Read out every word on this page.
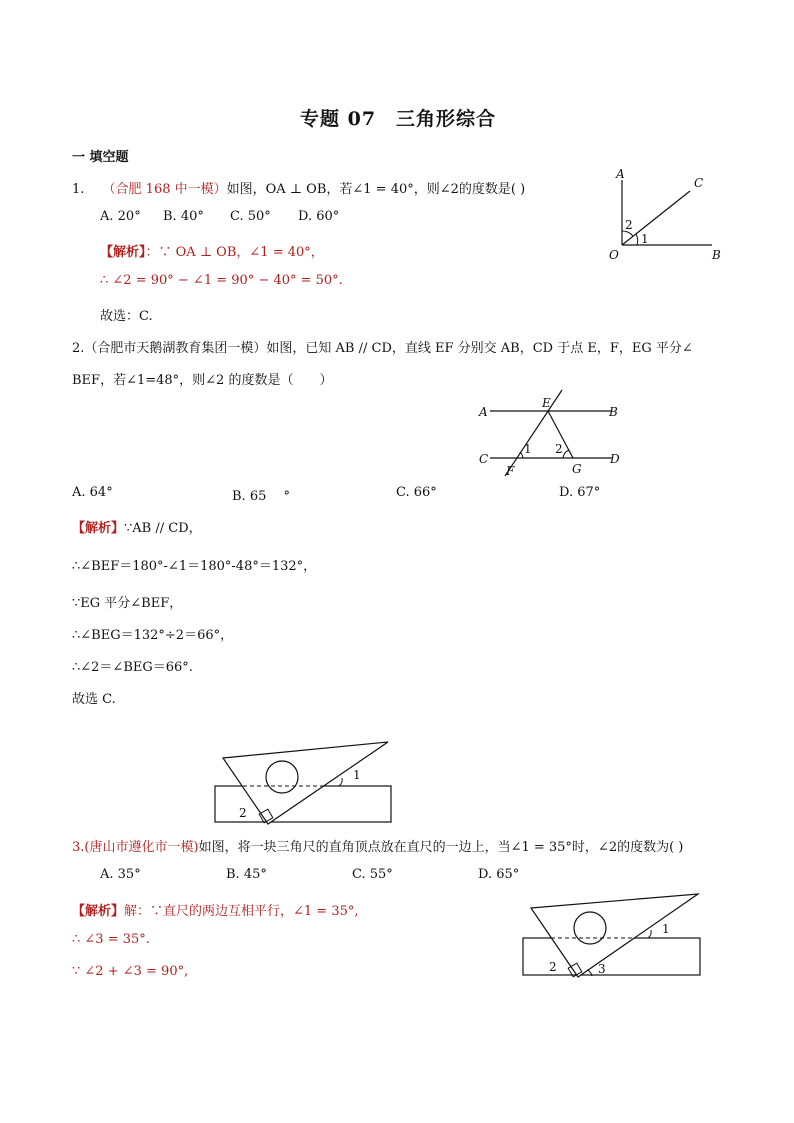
专题 07　三角形综合
一 填空题
1. （合肥 168 中一模）如图，OA ⊥ OB，若∠1 = 40°，则∠2的度数是( )
A. 20° B. 40° C. 50° D. 60°
【解析】：∵ OA ⊥ OB，∠1 = 40°，
∴ ∠2 = 90° − ∠1 = 90° − 40° = 50°.
故选：C.
A
C
O	B
1
2
2.（合肥市天鹅湖教育集团一模）如图，已知 AB // CD，直线 EF 分别交 AB，CD 于点 E，F，EG 平分∠
BEF，若∠1=48°，则∠2 的度数是（　　）
A
E
B
C	D
F	G
1 2
A. 64°	B. 65　 °	C. 66°	D. 67°
【解析】∵AB // CD，
∴∠BEF＝180°-∠1＝180°-48°＝132°，
∵EG 平分∠BEF，
∴∠BEG＝132°÷2＝66°，
∴∠2＝∠BEG＝66°.
故选 C.
1
2
3.(唐山市遵化市一模)如图，将一块三角尺的直角顶点放在直尺的一边上，当∠1 = 35°时，∠2的度数为( )
A. 35°	B. 45°	C. 55°	D. 65°
【解析】解：∵直尺的两边互相平行，∠1 = 35°,
∴ ∠3 = 35°.
∵ ∠2 + ∠3 = 90°,
1
2	3
